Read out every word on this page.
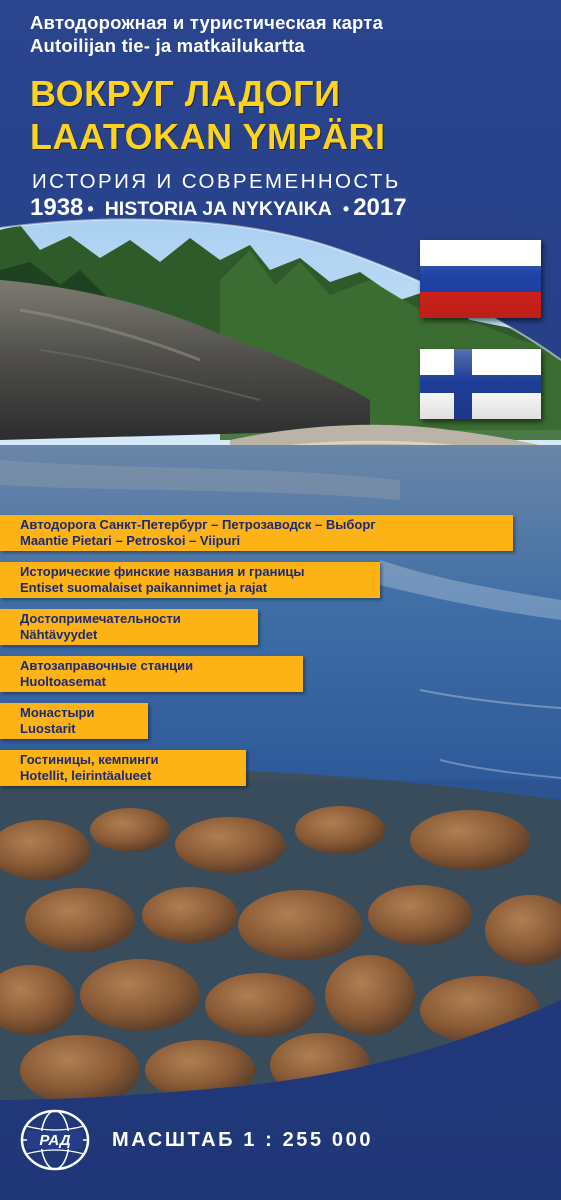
Автодорожная и туристическая карта
Autoilijan tie- ja matkailukartta
ВОКРУГ ЛАДОГИ
LAATOKAN YMPÄRI
ИСТОРИЯ И СОВРЕМЕННОСТЬ
1938 • HISTORIA JA NYKYAIKA • 2017
Автодорога Санкт-Петербург – Петрозаводск – Выборг
Maantie Pietari – Petroskoi – Viipuri
Исторические финские названия и границы
Entiset suomalaiset paikannimet ja rajat
Достопримечательности
Nähtävyydet
Автозаправочные станции
Huoltoasemat
Монастыри
Luostarit
Гостиницы, кемпинги
Hotellit, leirintäalueet
РАД МАСШТАБ 1 : 255 000
